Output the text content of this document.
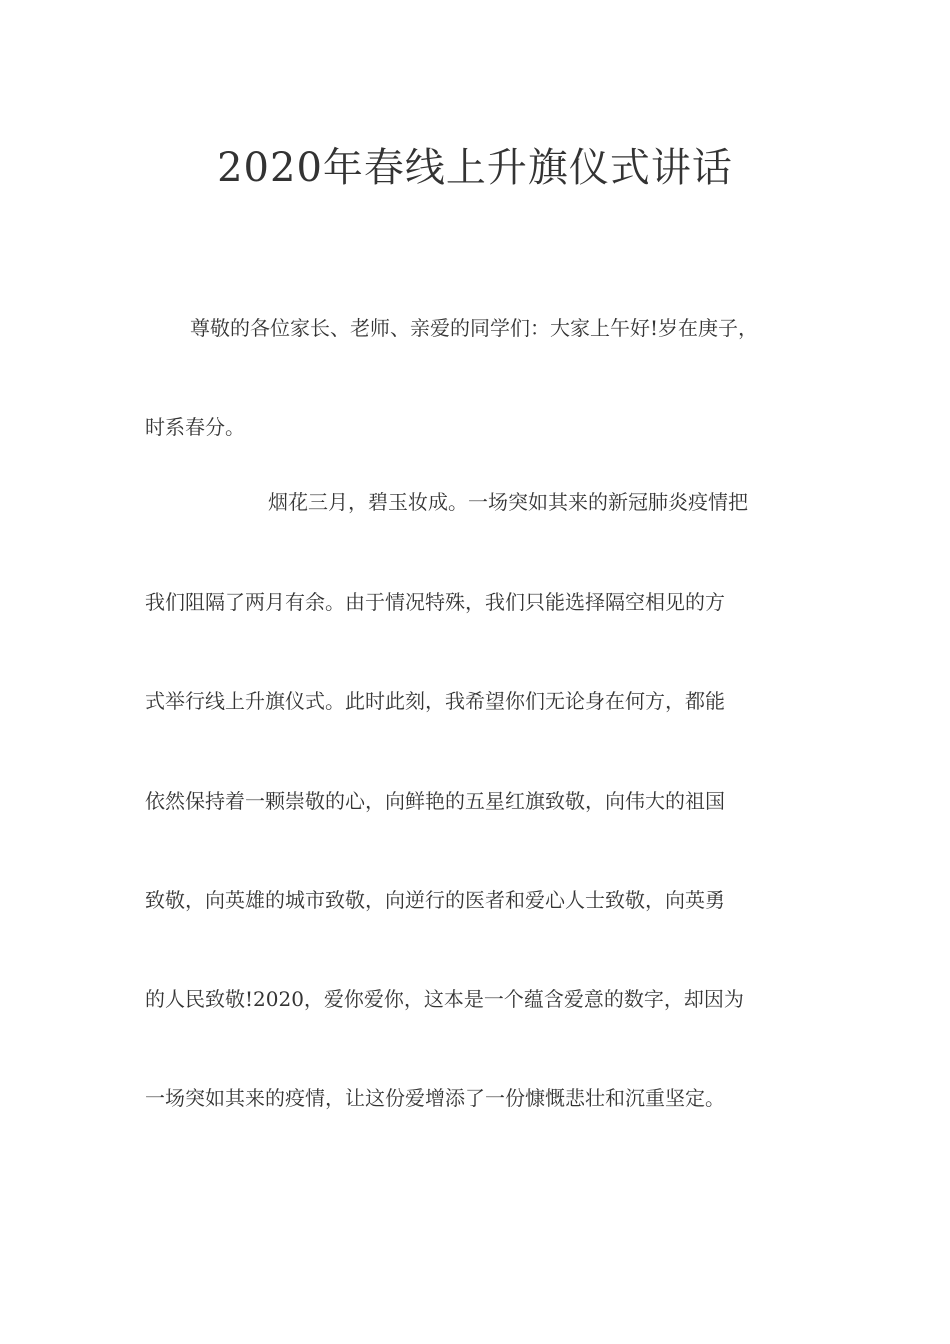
2020年春线上升旗仪式讲话

尊敬的各位家长、老师、亲爱的同学们：大家上午好!岁在庚子，

时系春分。

烟花三月，碧玉妆成。一场突如其来的新冠肺炎疫情把

我们阻隔了两月有余。由于情况特殊，我们只能选择隔空相见的方

式举行线上升旗仪式。此时此刻，我希望你们无论身在何方，都能

依然保持着一颗崇敬的心，向鲜艳的五星红旗致敬，向伟大的祖国

致敬，向英雄的城市致敬，向逆行的医者和爱心人士致敬，向英勇

的人民致敬!2020，爱你爱你，这本是一个蕴含爱意的数字，却因为

一场突如其来的疫情，让这份爱增添了一份慷慨悲壮和沉重坚定。
